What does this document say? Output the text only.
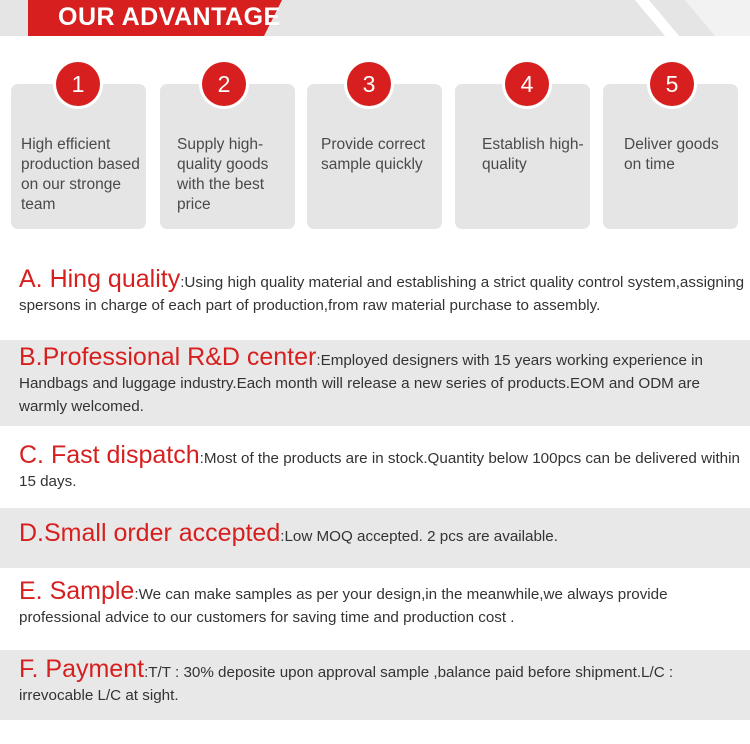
OUR ADVANTAGE
1
High efficient production based on our stronge team
2
Supply high-quality goods with the best price
3
Provide correct sample quickly
4
Establish high-quality
5
Deliver goods on time

A. Hing quality:Using high quality material and establishing a strict quality control system,assigning spersons in charge of each part of production,from raw material purchase to assembly.

B.Professional R&D center:Employed designers with 15 years working experience in Handbags and luggage industry.Each month will release a new series of products.EOM and ODM are warmly welcomed.

C. Fast dispatch:Most of the products are in stock.Quantity below 100pcs can be delivered within 15 days.

D.Small order accepted:Low MOQ accepted. 2 pcs are available.

E. Sample:We can make samples as per your design,in the meanwhile,we always provide professional advice to our customers for saving time and production cost .

F. Payment:T/T : 30% deposite upon approval sample ,balance paid before shipment.L/C : irrevocable L/C at sight.
